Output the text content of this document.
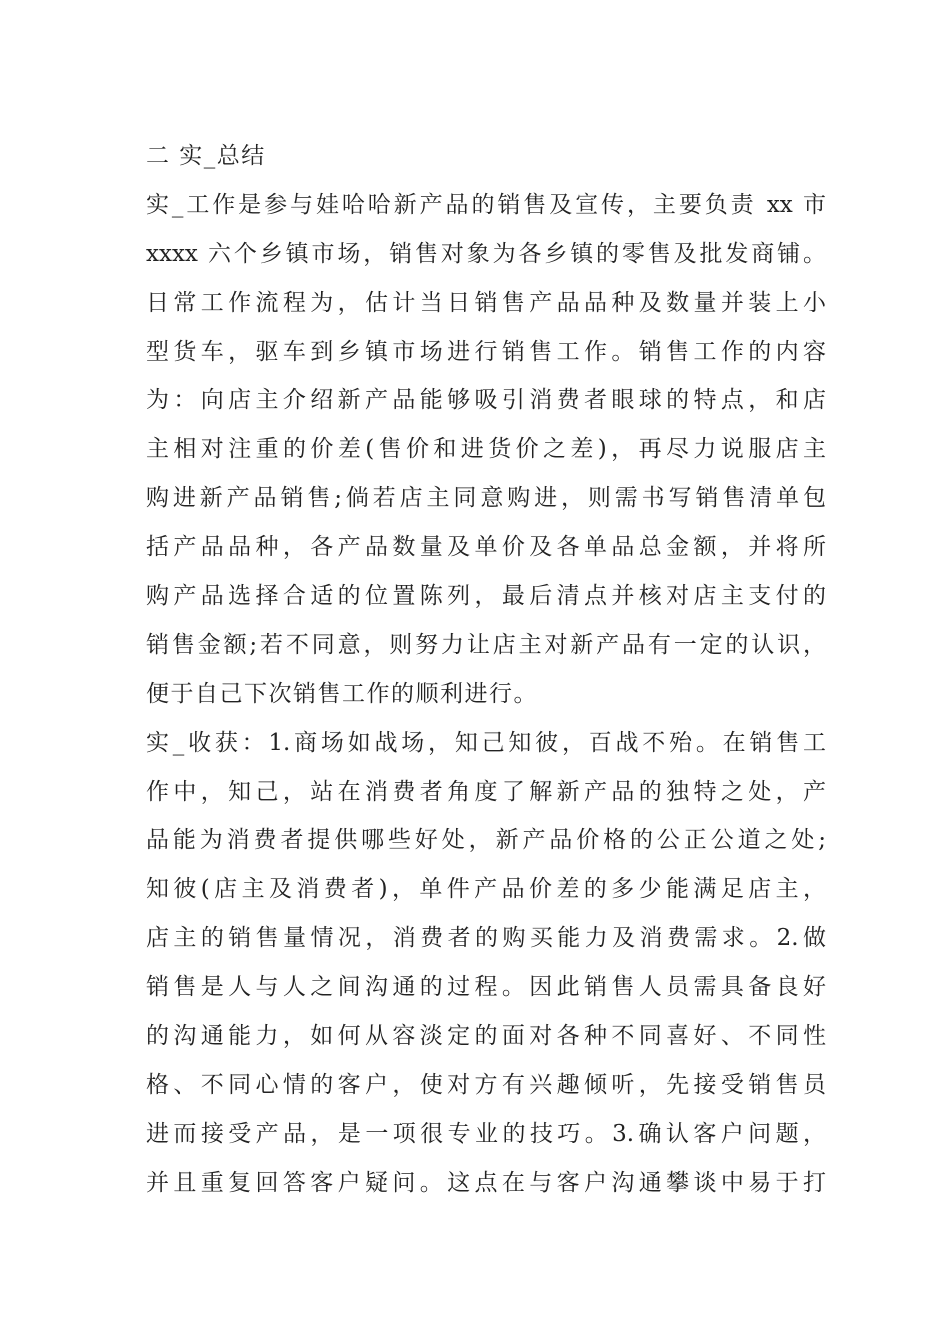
二 实_总结
实_工作是参与娃哈哈新产品的销售及宣传，主要负责 xx 市
xxxx 六个乡镇市场，销售对象为各乡镇的零售及批发商铺。
日常工作流程为，估计当日销售产品品种及数量并装上小
型货车，驱车到乡镇市场进行销售工作。销售工作的内容
为：向店主介绍新产品能够吸引消费者眼球的特点，和店
主相对注重的价差(售价和进货价之差)，再尽力说服店主
购进新产品销售;倘若店主同意购进，则需书写销售清单包
括产品品种，各产品数量及单价及各单品总金额，并将所
购产品选择合适的位置陈列，最后清点并核对店主支付的
销售金额;若不同意，则努力让店主对新产品有一定的认识，
便于自己下次销售工作的顺利进行。
实_收获：1.商场如战场，知己知彼，百战不殆。在销售工
作中，知己，站在消费者角度了解新产品的独特之处，产
品能为消费者提供哪些好处，新产品价格的公正公道之处;
知彼(店主及消费者)，单件产品价差的多少能满足店主，
店主的销售量情况，消费者的购买能力及消费需求。2.做
销售是人与人之间沟通的过程。因此销售人员需具备良好
的沟通能力，如何从容淡定的面对各种不同喜好、不同性
格、不同心情的客户，使对方有兴趣倾听，先接受销售员
进而接受产品，是一项很专业的技巧。3.确认客户问题，
并且重复回答客户疑问。这点在与客户沟通攀谈中易于打
